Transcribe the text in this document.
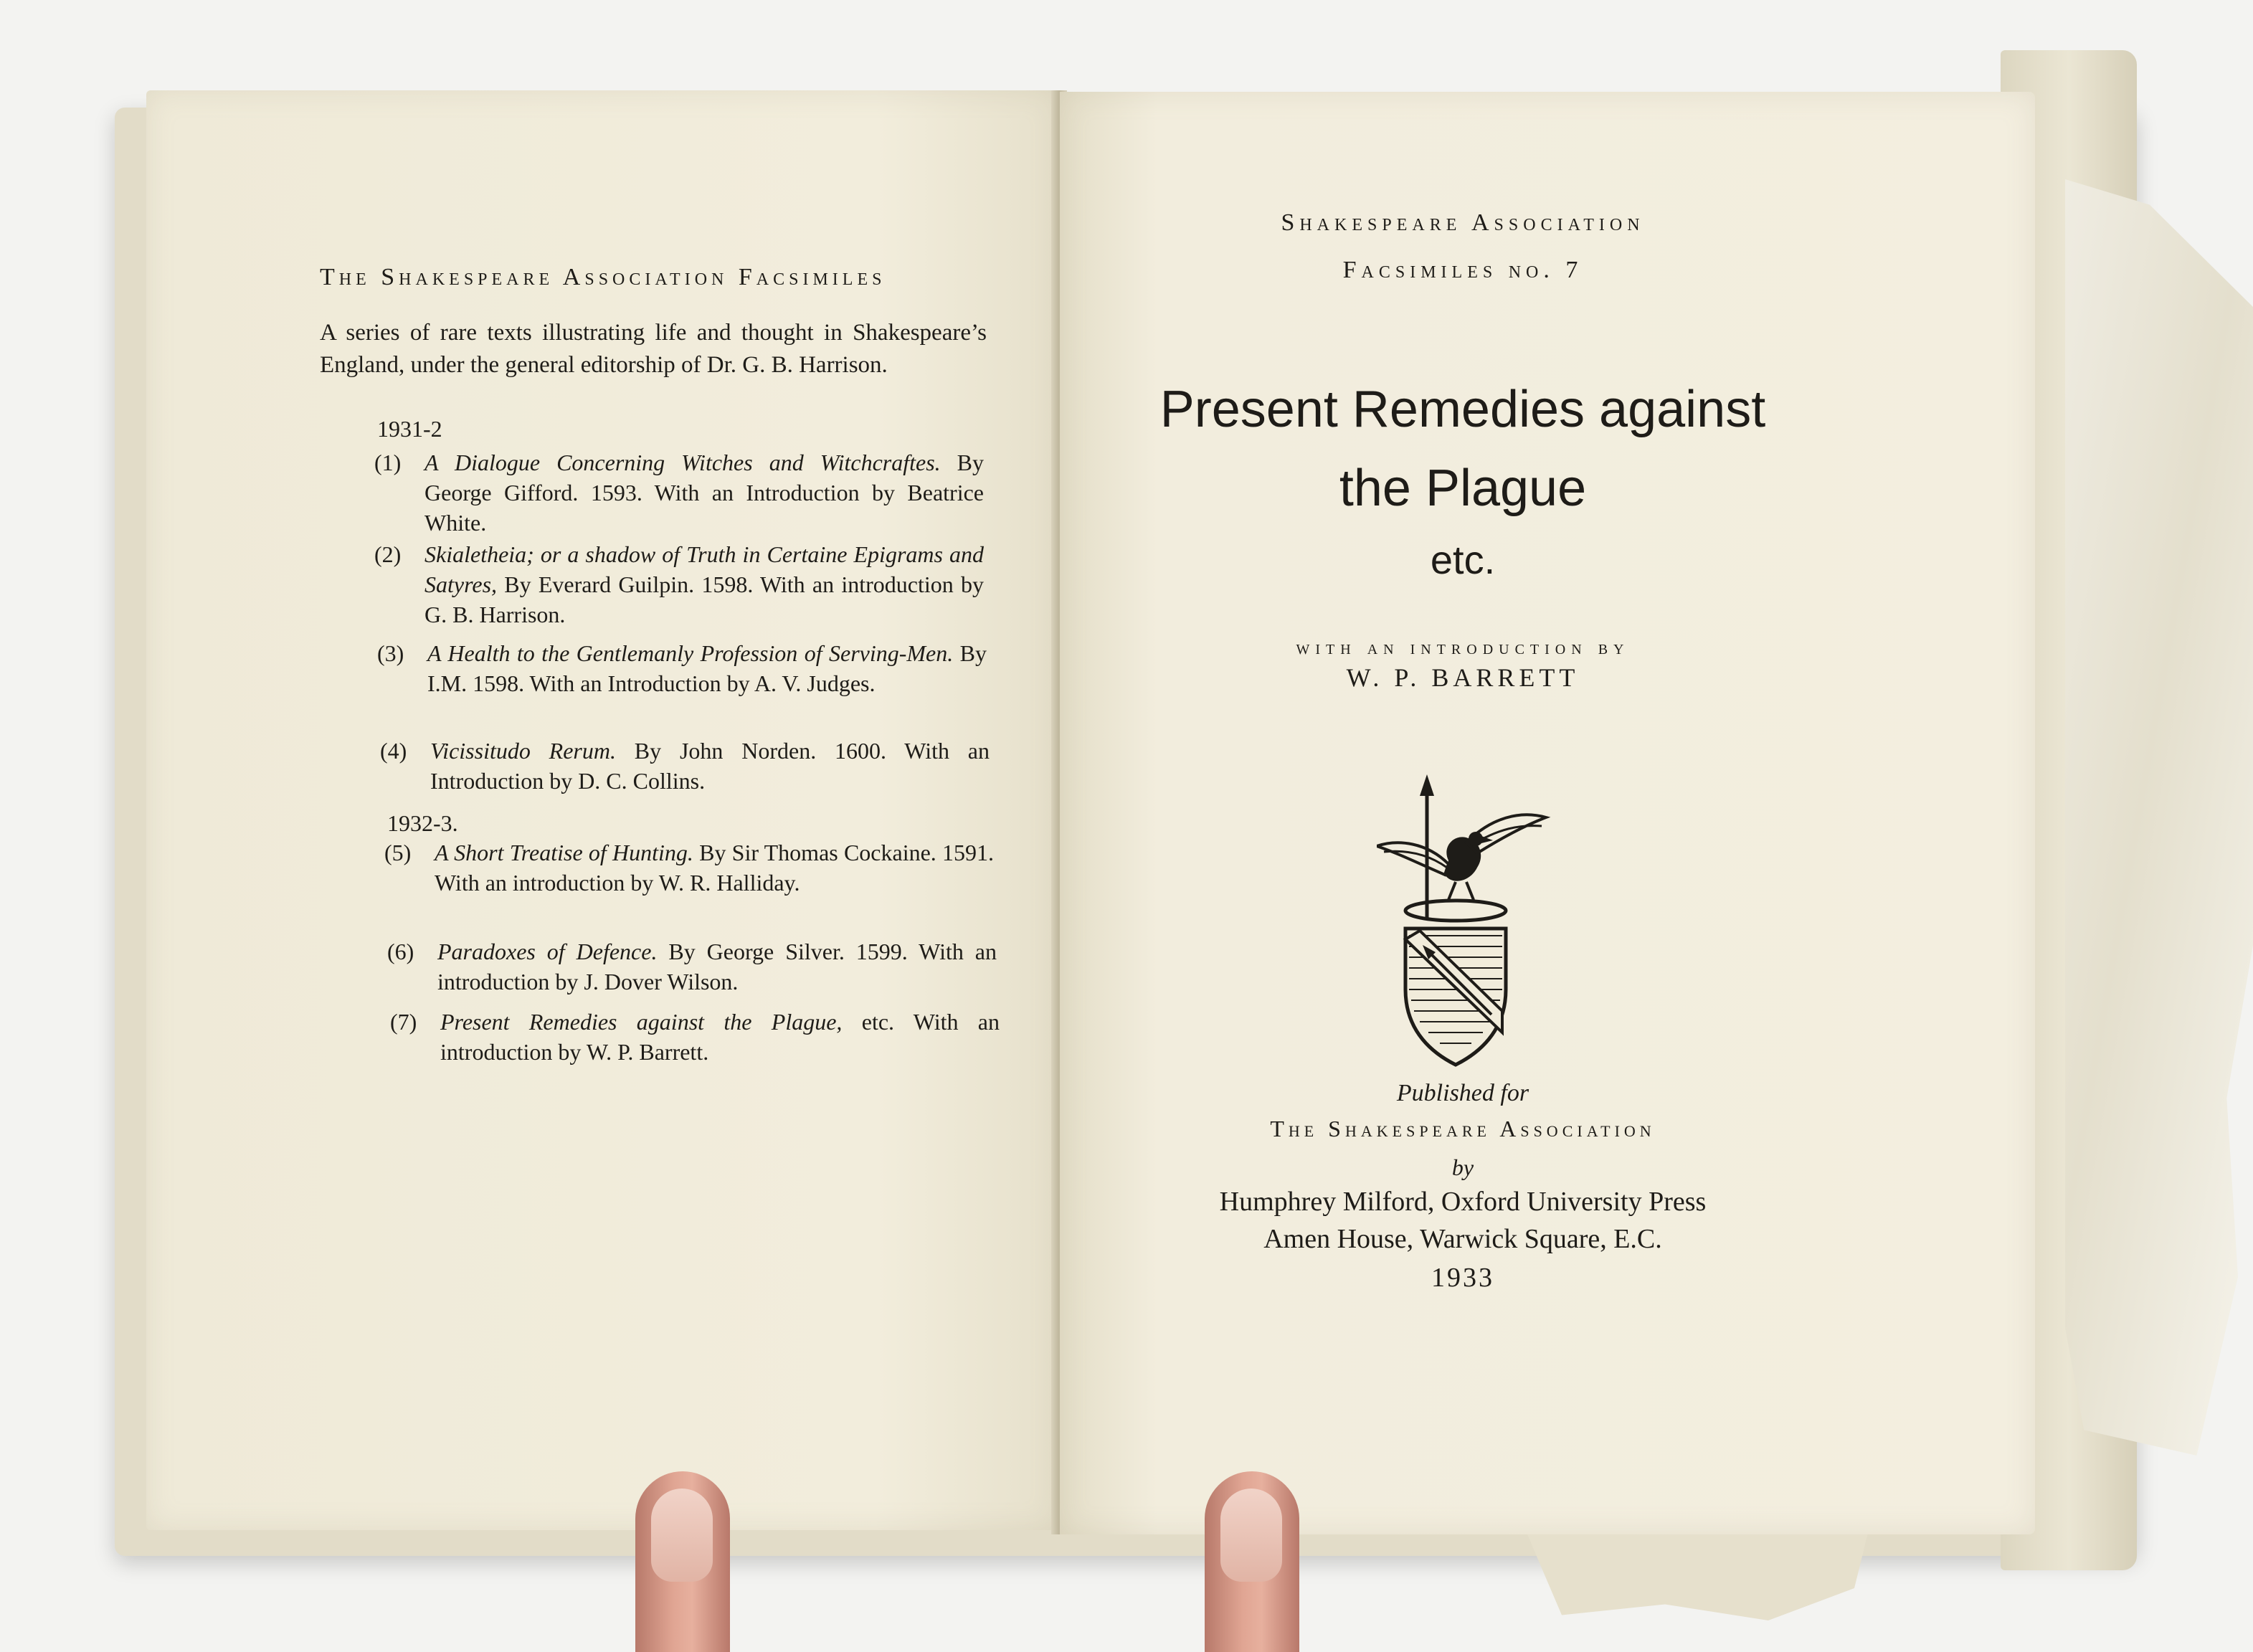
The Shakespeare Association Facsimiles

A series of rare texts illustrating life and thought in Shakespeare’s England, under the general editorship of Dr. G. B. Harrison.

1931-2

(1) A Dialogue Concerning Witches and Witchcraftes. By George Gifford. 1593. With an Introduction by Beatrice White.
(2) Skialetheia; or a shadow of Truth in Certaine Epigrams and Satyres, By Everard Guilpin. 1598. With an introduction by G. B. Harrison.
(3) A Health to the Gentlemanly Profession of Serving-Men. By I.M. 1598. With an Introduction by A. V. Judges.
(4) Vicissitudo Rerum. By John Norden. 1600. With an Introduction by D. C. Collins.

1932-3.

(5) A Short Treatise of Hunting. By Sir Thomas Cockaine. 1591. With an introduction by W. R. Halliday.
(6) Paradoxes of Defence. By George Silver. 1599. With an introduction by J. Dover Wilson.
(7) Present Remedies against the Plague, etc. With an introduction by W. P. Barrett.

Shakespeare Association

Facsimiles no. 7

Present Remedies against

the Plague

etc.

with an introduction by

W. P. BARRETT

Published for

The Shakespeare Association

by

Humphrey Milford, Oxford University Press

Amen House, Warwick Square, E.C.

1933
